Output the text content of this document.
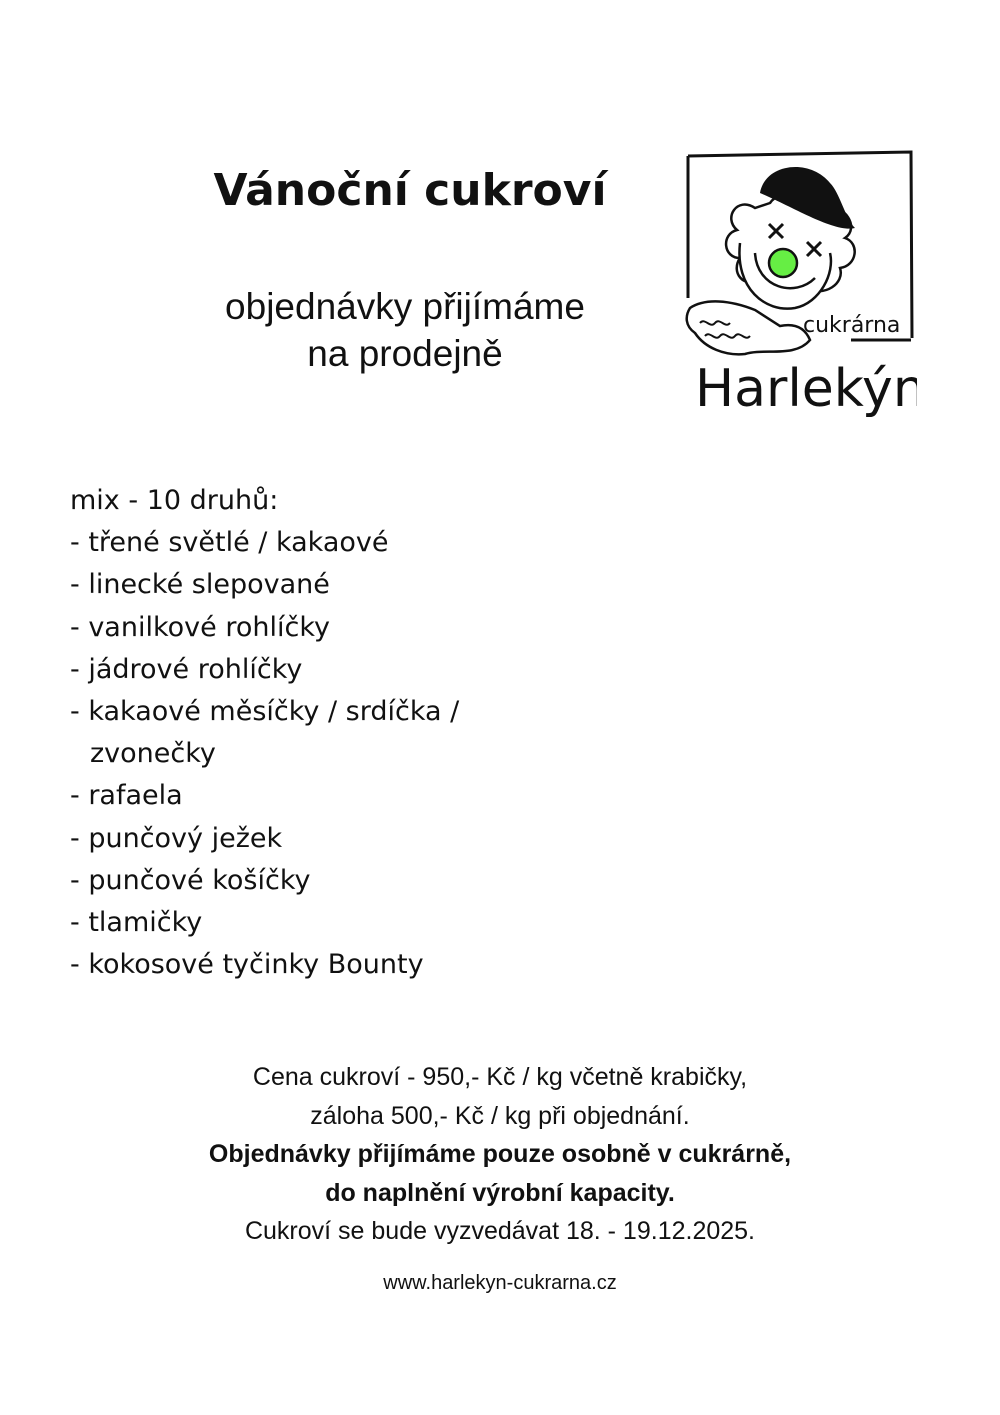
Vánoční cukroví
objednávky přijímáme
na prodejně
cukrárna
Harlekýn
mix - 10 druhů:
- třené světlé / kakaové
- linecké slepované
- vanilkové rohlíčky
- jádrové rohlíčky
- kakaové měsíčky / srdíčka /
zvonečky
- rafaela
- punčový ježek
- punčové košíčky
- tlamičky
- kokosové tyčinky Bounty
Cena cukroví - 950,- Kč / kg včetně krabičky,
záloha 500,- Kč / kg při objednání.
Objednávky přijímáme pouze osobně v cukrárně,
do naplnění výrobní kapacity.
Cukroví se bude vyzvedávat 18. - 19.12.2025.
www.harlekyn-cukrarna.cz
